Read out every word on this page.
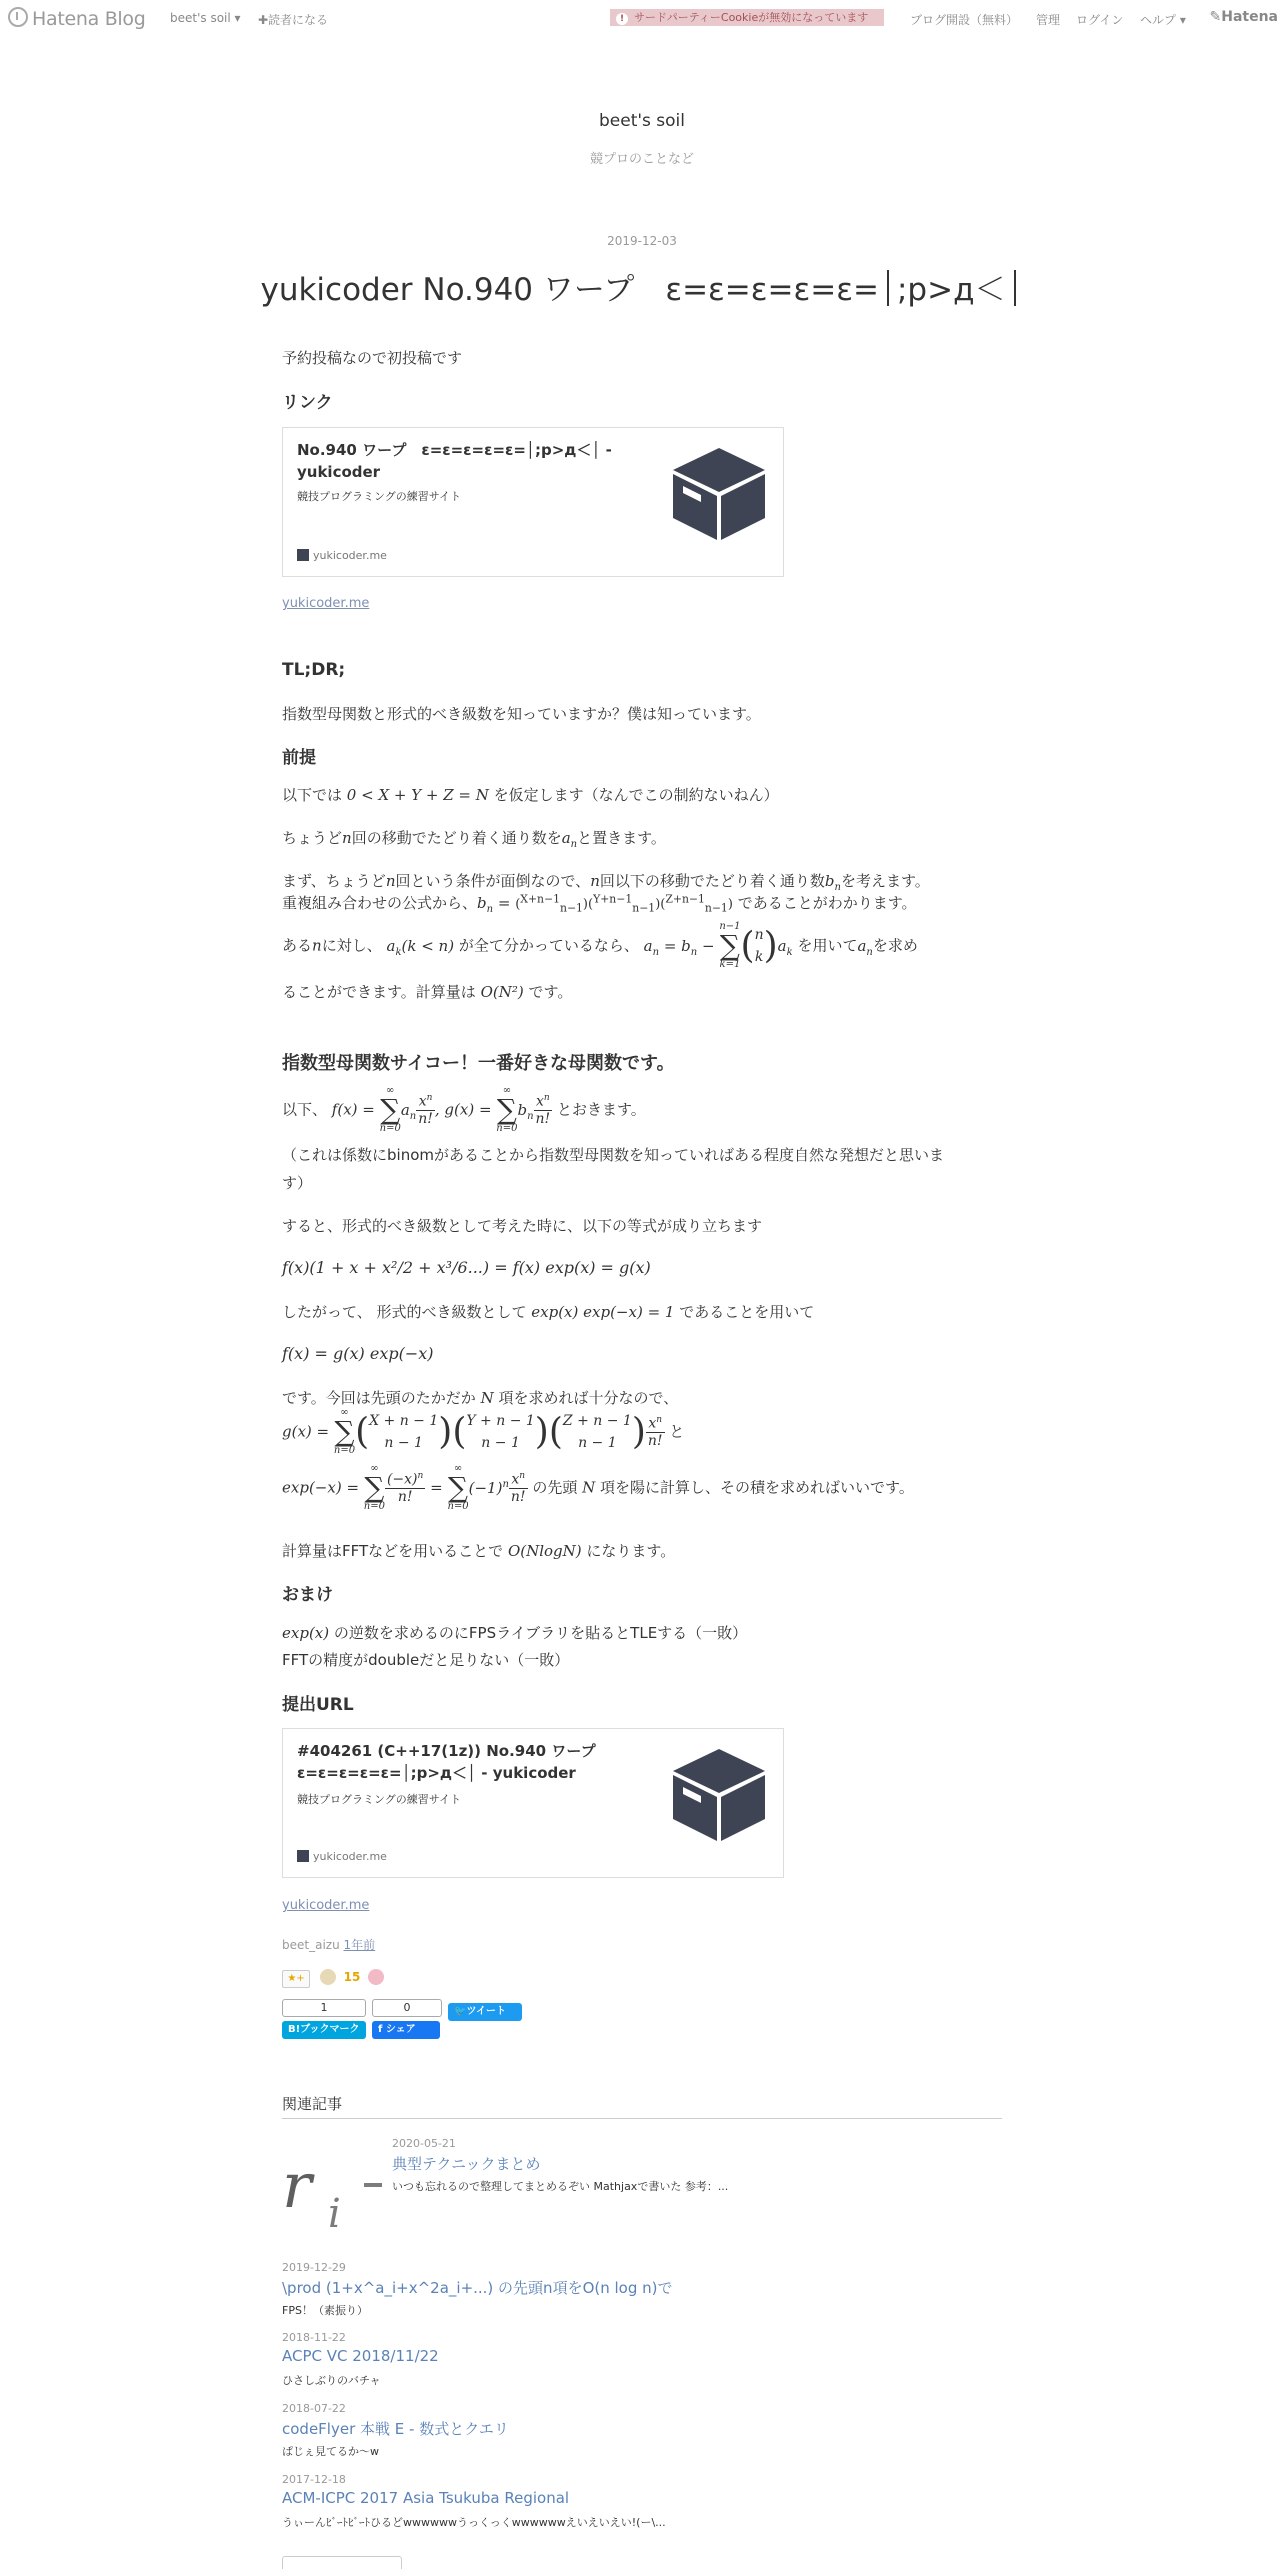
Hatena Blog beet's soil ▾ ✚読者になる	! サードパーティーCookieが無効になっています	ブログ開設（無料） 管理 ログイン ヘルプ ▾ ✎Hatena
beet's soil
競プロのことなど
2019-12-03
yukicoder No.940 ワープ　ε=ε=ε=ε=ε= ;p>д＜
予約投稿なので初投稿です
リンク
No.940 ワープ　ε=ε=ε=ε=ε=│;p>д＜│ - yukicoder
競技プログラミングの練習サイト
yukicoder.me
yukicoder.me
TL;DR;
指数型母関数と形式的べき級数を知っていますか？僕は知っています。
前提
以下では 0 < X + Y + Z = N を仮定します（なんでこの制約ないねん）
ちょうどn回の移動でたどり着く通り数を$a_n$と置きます。
まず、ちょうどn回という条件が面倒なので、n回以下の移動でたどり着く通り数$b_n$を考えます。
重複組み合わせの公式から、$b_n = (^{X+n-1}_{n-1})(^{Y+n-1}_{n-1})(^{Z+n-1}_{n-1})$ であることがわかります。
あるnに対し、 $a_k(k < n)$ が全て分かっているなら、 $a_n = b_n$ −
n−1
∑
k=1 (n
$k)a_k$ を用いて$a_n$を求め
ることができます。計算量は O(N²) です。
指数型母関数サイコー！一番好きな母関数です。
以下、 f(x) =
∞
∑
n=0
$a_n \frac{x^n}{n!}$ , g(x) =
∞
∑
n=0
$b_n \frac{x^n}{n!}$ とおきます。
（これは係数にbinomがあることから指数型母関数を知っていればある程度自然な発想だと思いま
す）
すると、形式的べき級数として考えた時に、以下の等式が成り立ちます
f(x)(1 + x + x²/2 + x³/6...) = f(x) exp(x) = g(x)
したがって、 形式的べき級数として exp(x) exp(−x) = 1 であることを用いて
f(x) = g(x) exp(−x)
です。今回は先頭のたかだか N 項を求めれば十分なので、
g(x) =
∞
∑
n=0 (X + n − 1
n − 1 )(Y + n − 1
n − 1 )(Z + n − 1
n − 1 ) $\frac{x^n}{n!}$ と
exp(−x) =
∞
∑
n=0
$\frac{(-x)^n}{n!}$ =
∞
∑
n=0
$(-1)^n \frac{x^n}{n!}$ の先頭 N 項を陽に計算し、その積を求めればいいです。
計算量はFFTなどを用いることで O(NlogN) になります。
おまけ
exp(x) の逆数を求めるのにFPSライブラリを貼るとTLEする（一敗）
FFTの精度がdoubleだと足りない（一敗）
提出URL
#404261 (C++17(1z)) No.940 ワープ　ε=ε=ε=ε=ε=│;p>д＜│ - yukicoder
競技プログラミングの練習サイト
yukicoder.me
yukicoder.me
beet_aizu 1年前
★+	15
1
B!ブックマーク
0
f シェア
🐦ツイート
関連記事
r i
2020-05-21
典型テクニックまとめ
いつも忘れるので整理してまとめるぞい Mathjaxで書いた 参考：...
2019-12-29
\prod (1+x^a_i+x^2a_i+...) の先頭n項をO(n log n)で
FPS！（素振り）
2018-11-22
ACPC VC 2018/11/22
ひさしぶりのバチャ
2018-07-22
codeFlyer 本戦 E - 数式とクエリ
ぱじぇ見てるか〜w
2017-12-18
ACM-ICPC 2017 Asia Tsukuba Regional
うぃーんﾋﾞｰﾄﾋﾞｰﾄひるどwwwwwwうっくっくwwwwwwえいえいえい!(ー\...
